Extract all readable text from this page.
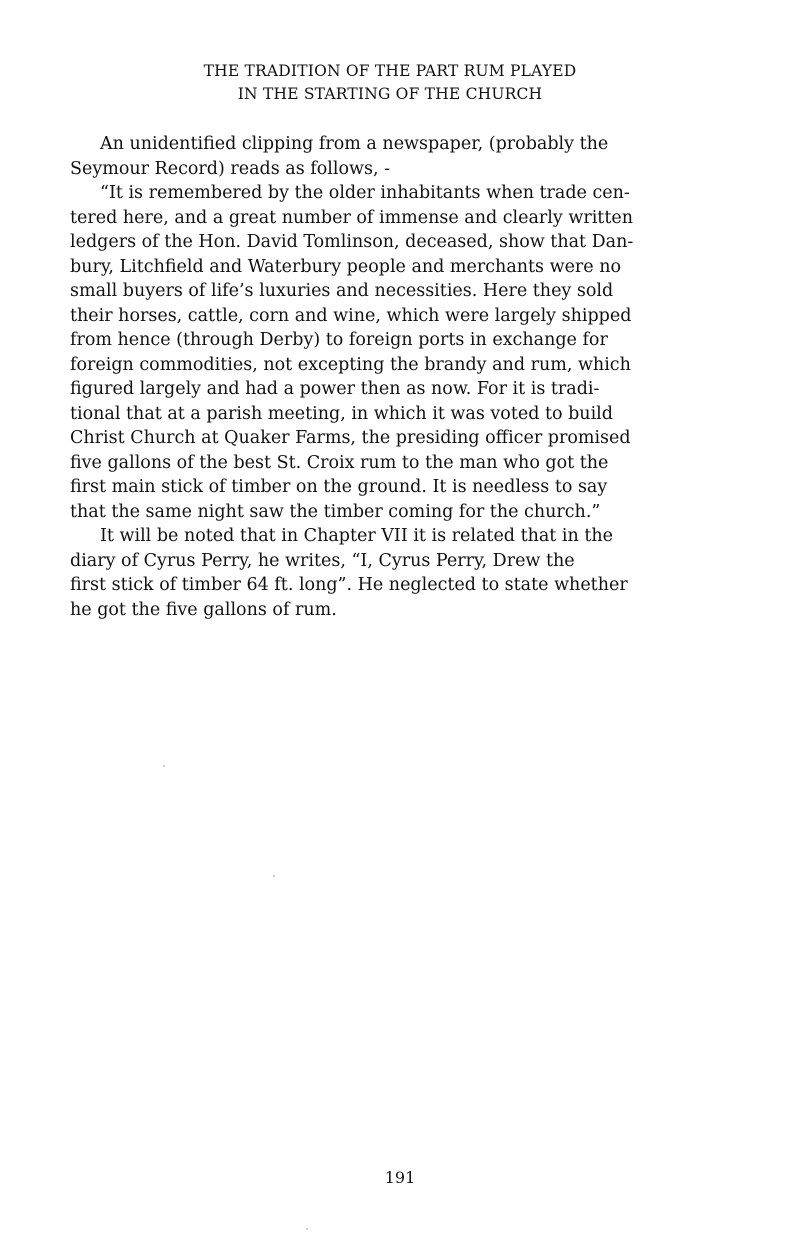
THE TRADITION OF THE PART RUM PLAYED
IN THE STARTING OF THE CHURCH
An unidentified clipping from a newspaper, (probably the
Seymour Record) reads as follows, -
“It is remembered by the older inhabitants when trade cen-
tered here, and a great number of immense and clearly written
ledgers of the Hon. David Tomlinson, deceased, show that Dan-
bury, Litchfield and Waterbury people and merchants were no
small buyers of life’s luxuries and necessities. Here they sold
their horses, cattle, corn and wine, which were largely shipped
from hence (through Derby) to foreign ports in exchange for
foreign commodities, not excepting the brandy and rum, which
figured largely and had a power then as now. For it is tradi-
tional that at a parish meeting, in which it was voted to build
Christ Church at Quaker Farms, the presiding officer promised
five gallons of the best St. Croix rum to the man who got the
first main stick of timber on the ground. It is needless to say
that the same night saw the timber coming for the church.”
It will be noted that in Chapter VII it is related that in the
diary of Cyrus Perry, he writes, “I, Cyrus Perry, Drew the
first stick of timber 64 ft. long”. He neglected to state whether
he got the five gallons of rum.
191
